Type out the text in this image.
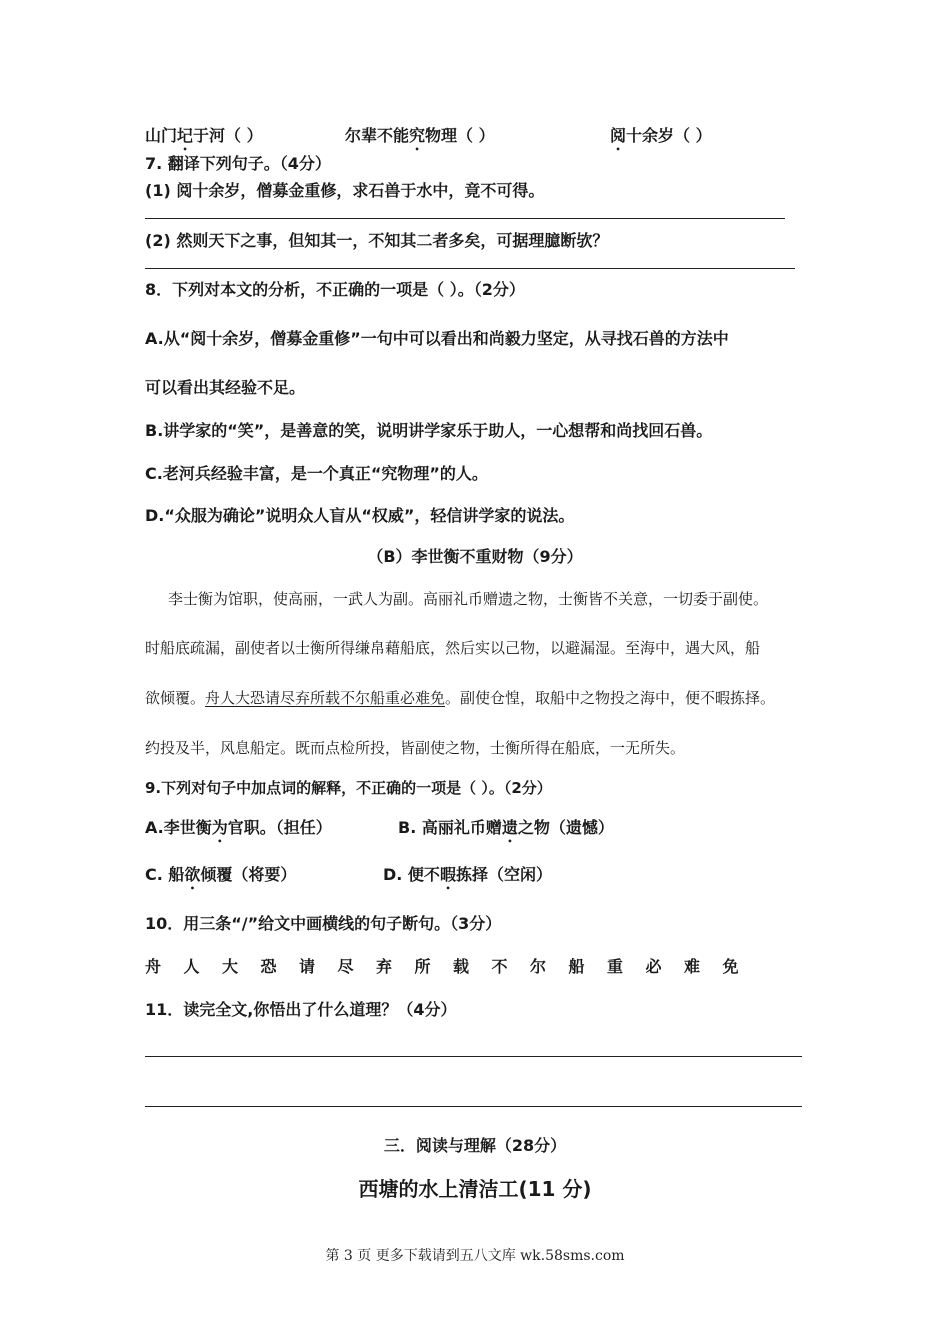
山门圮于河（ ）	尔辈不能究物理（ ）	阅十余岁（ ）
7. 翻译下列句子。（4分）
(1) 阅十余岁，僧募金重修，求石兽于水中，竟不可得。
(2) 然则天下之事，但知其一，不知其二者多矣，可据理臆断欤？
8．下列对本文的分析，不正确的一项是（ ）。（2分）
A.从“阅十余岁，僧募金重修”一句中可以看出和尚毅力坚定，从寻找石兽的方法中
可以看出其经验不足。
B.讲学家的“笑”，是善意的笑，说明讲学家乐于助人，一心想帮和尚找回石兽。
C.老河兵经验丰富，是一个真正“究物理”的人。
D.“众服为确论”说明众人盲从“权威”，轻信讲学家的说法。
（B）李世衡不重财物（9分）
李士衡为馆职，使高丽，一武人为副。高丽礼币赠遗之物，士衡皆不关意，一切委于副使。
时船底疏漏，副使者以士衡所得缣帛藉船底，然后实以己物，以避漏湿。至海中，遇大风，船
欲倾覆。舟人大恐请尽弃所载不尔船重必难免。副使仓惶，取船中之物投之海中，便不暇拣择。
约投及半，风息船定。既而点检所投，皆副使之物，士衡所得在船底，一无所失。
9.下列对句子中加点词的解释，不正确的一项是（ ）。（2分）
A.李世衡为官职。（担任）	B. 高丽礼币赠遗之物（遗憾）
C. 船欲倾覆（将要）	D. 便不暇拣择（空闲）
10．用三条“/”给文中画横线的句子断句。（3分）
舟 人 大 恐 请 尽 弃 所 载 不 尔 船 重 必 难 免
11．读完全文,你悟出了什么道理？（4分）
三．阅读与理解（28分）
西塘的水上清洁工(11 分)
第 3 页 更多下载请到五八文库 wk.58sms.com
